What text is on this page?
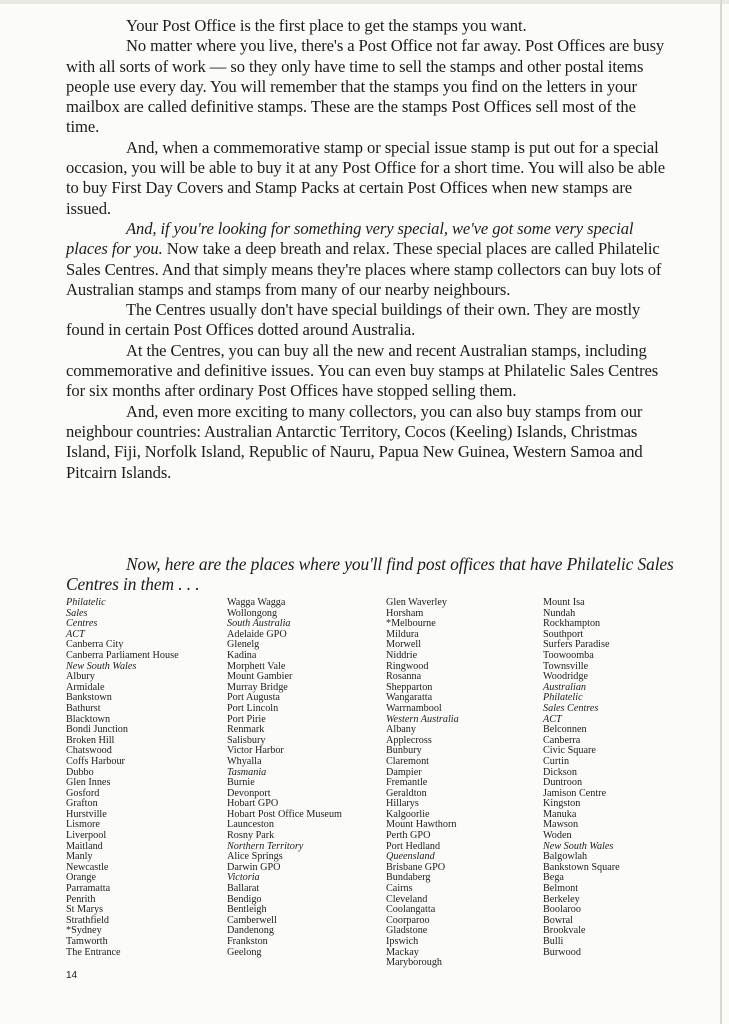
Your Post Office is the first place to get the stamps you want.

No matter where you live, there's a Post Office not far away. Post Offices are busy with all sorts of work — so they only have time to sell the stamps and other postal items people use every day. You will remember that the stamps you find on the letters in your mailbox are called definitive stamps. These are the stamps Post Offices sell most of the time.

And, when a commemorative stamp or special issue stamp is put out for a special occasion, you will be able to buy it at any Post Office for a short time. You will also be able to buy First Day Covers and Stamp Packs at certain Post Offices when new stamps are issued.

And, if you're looking for something very special, we've got some very special places for you. Now take a deep breath and relax. These special places are called Philatelic Sales Centres. And that simply means they're places where stamp collectors can buy lots of Australian stamps and stamps from many of our nearby neighbours.

The Centres usually don't have special buildings of their own. They are mostly found in certain Post Offices dotted around Australia.

At the Centres, you can buy all the new and recent Australian stamps, including commemorative and definitive issues. You can even buy stamps at Philatelic Sales Centres for six months after ordinary Post Offices have stopped selling them.

And, even more exciting to many collectors, you can also buy stamps from our neighbour countries: Australian Antarctic Territory, Cocos (Keeling) Islands, Christmas Island, Fiji, Norfolk Island, Republic of Nauru, Papua New Guinea, Western Samoa and Pitcairn Islands.

Now, here are the places where you'll find post offices that have Philatelic Sales Centres in them . . .

Philatelic
Sales
Centres
ACT
Canberra City
Canberra Parliament House
New South Wales
Albury
Armidale
Bankstown
Bathurst
Blacktown
Bondi Junction
Broken Hill
Chatswood
Coffs Harbour
Dubbo
Glen Innes
Gosford
Grafton
Hurstville
Lismore
Liverpool
Maitland
Manly
Newcastle
Orange
Parramatta
Penrith
St Marys
Strathfield
*Sydney
Tamworth
The Entrance
Wagga Wagga
Wollongong
South Australia
Adelaide GPO
Glenelg
Kadina
Morphett Vale
Mount Gambier
Murray Bridge
Port Augusta
Port Lincoln
Port Pirie
Renmark
Salisbury
Victor Harbor
Whyalla
Tasmania
Burnie
Devonport
Hobart GPO
Hobart Post Office Museum
Launceston
Rosny Park
Northern Territory
Alice Springs
Darwin GPO
Victoria
Ballarat
Bendigo
Bentleigh
Camberwell
Dandenong
Frankston
Geelong
Glen Waverley
Horsham
*Melbourne
Mildura
Morwell
Niddrie
Ringwood
Rosanna
Shepparton
Wangaratta
Warrnambool
Western Australia
Albany
Applecross
Bunbury
Claremont
Dampier
Fremantle
Geraldton
Hillarys
Kalgoorlie
Mount Hawthorn
Perth GPO
Port Hedland
Queensland
Brisbane GPO
Bundaberg
Cairns
Cleveland
Coolangatta
Coorparoo
Gladstone
Ipswich
Mackay
Maryborough
Mount Isa
Nundah
Rockhampton
Southport
Surfers Paradise
Toowoomba
Townsville
Woodridge
Australian
Philatelic
Sales Centres
ACT
Belconnen
Canberra
Civic Square
Curtin
Dickson
Duntroon
Jamison Centre
Kingston
Manuka
Mawson
Woden
New South Wales
Balgowlah
Bankstown Square
Bega
Belmont
Berkeley
Boolaroo
Bowral
Brookvale
Bulli
Burwood
14
